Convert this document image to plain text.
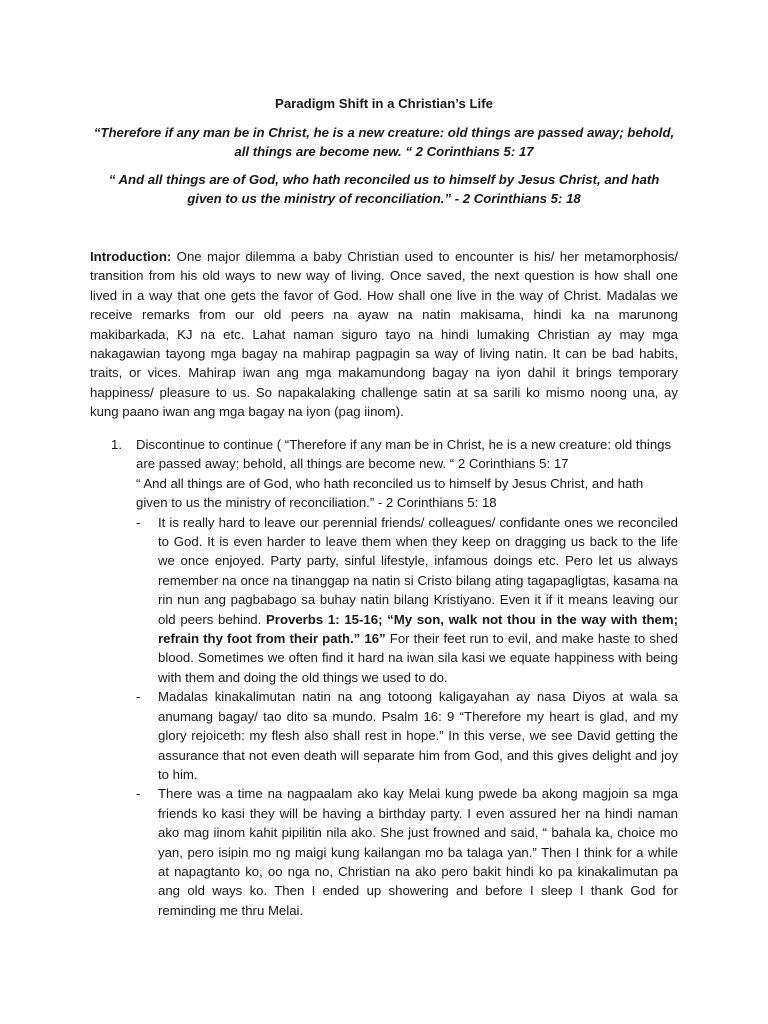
Paradigm Shift in a Christian’s Life

“Therefore if any man be in Christ, he is a new creature: old things are passed away; behold, all things are become new. “ 2 Corinthians 5: 17

“ And all things are of God, who hath reconciled us to himself by Jesus Christ, and hath given to us the ministry of reconciliation.” - 2 Corinthians 5: 18

Introduction: One major dilemma a baby Christian used to encounter is his/ her metamorphosis/ transition from his old ways to new way of living. Once saved, the next question is how shall one lived in a way that one gets the favor of God. How shall one live in the way of Christ. Madalas we receive remarks from our old peers na ayaw na natin makisama, hindi ka na marunong makibarkada, KJ na etc. Lahat naman siguro tayo na hindi lumaking Christian ay may mga nakagawian tayong mga bagay na mahirap pagpagin sa way of living natin. It can be bad habits, traits, or vices. Mahirap iwan ang mga makamundong bagay na iyon dahil it brings temporary happiness/ pleasure to us. So napakalaking challenge satin at sa sarili ko mismo noong una, ay kung paano iwan ang mga bagay na iyon (pag iinom).

1. Discontinue to continue ( “Therefore if any man be in Christ, he is a new creature: old things are passed away; behold, all things are become new. “ 2 Corinthians 5: 17
“ And all things are of God, who hath reconciled us to himself by Jesus Christ, and hath given to us the ministry of reconciliation.” - 2 Corinthians 5: 18
- It is really hard to leave our perennial friends/ colleagues/ confidante ones we reconciled to God. It is even harder to leave them when they keep on dragging us back to the life we once enjoyed. Party party, sinful lifestyle, infamous doings etc. Pero let us always remember na once na tinanggap na natin si Cristo bilang ating tagapagligtas, kasama na rin nun ang pagbabago sa buhay natin bilang Kristiyano. Even it if it means leaving our old peers behind. Proverbs 1: 15-16; “My son, walk not thou in the way with them; refrain thy foot from their path.” 16” For their feet run to evil, and make haste to shed blood. Sometimes we often find it hard na iwan sila kasi we equate happiness with being with them and doing the old things we used to do.
- Madalas kinakalimutan natin na ang totoong kaligayahan ay nasa Diyos at wala sa anumang bagay/ tao dito sa mundo. Psalm 16: 9 “Therefore my heart is glad, and my glory rejoiceth: my flesh also shall rest in hope.” In this verse, we see David getting the assurance that not even death will separate him from God, and this gives delight and joy to him.
- There was a time na nagpaalam ako kay Melai kung pwede ba akong magjoin sa mga friends ko kasi they will be having a birthday party. I even assured her na hindi naman ako mag iinom kahit pipilitin nila ako. She just frowned and said, “ bahala ka, choice mo yan, pero isipin mo ng maigi kung kailangan mo ba talaga yan.” Then I think for a while at napagtanto ko, oo nga no, Christian na ako pero bakit hindi ko pa kinakalimutan pa ang old ways ko. Then I ended up showering and before I sleep I thank God for reminding me thru Melai.
